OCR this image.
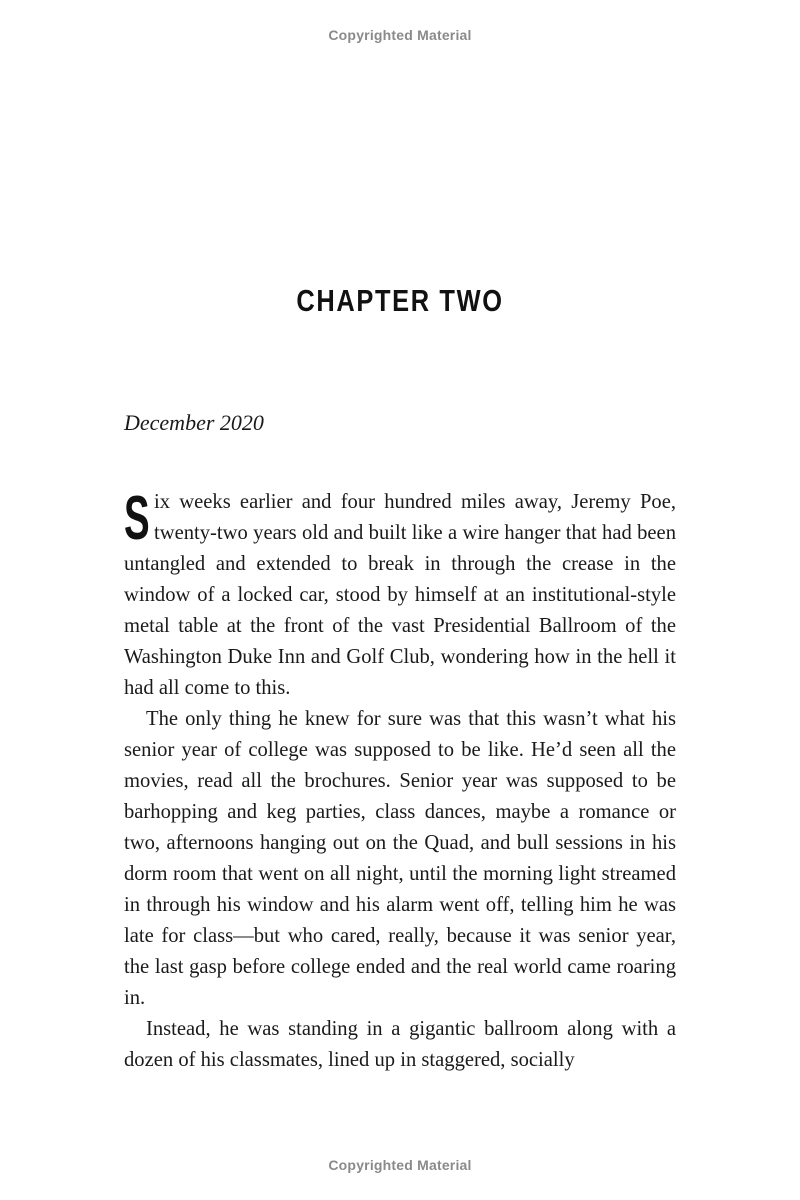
Copyrighted Material
CHAPTER TWO
December 2020

Six weeks earlier and four hundred miles away, Jeremy Poe, twenty-two years old and built like a wire hanger that had been untangled and extended to break in through the crease in the window of a locked car, stood by himself at an institutional-style metal table at the front of the vast Presidential Ballroom of the Washington Duke Inn and Golf Club, wondering how in the hell it had all come to this.

The only thing he knew for sure was that this wasn’t what his senior year of college was supposed to be like. He’d seen all the movies, read all the brochures. Senior year was supposed to be barhopping and keg parties, class dances, maybe a romance or two, afternoons hanging out on the Quad, and bull sessions in his dorm room that went on all night, until the morning light streamed in through his window and his alarm went off, telling him he was late for class—but who cared, really, because it was senior year, the last gasp before college ended and the real world came roaring in.

Instead, he was standing in a gigantic ballroom along with a dozen of his classmates, lined up in staggered, socially

Copyrighted Material
